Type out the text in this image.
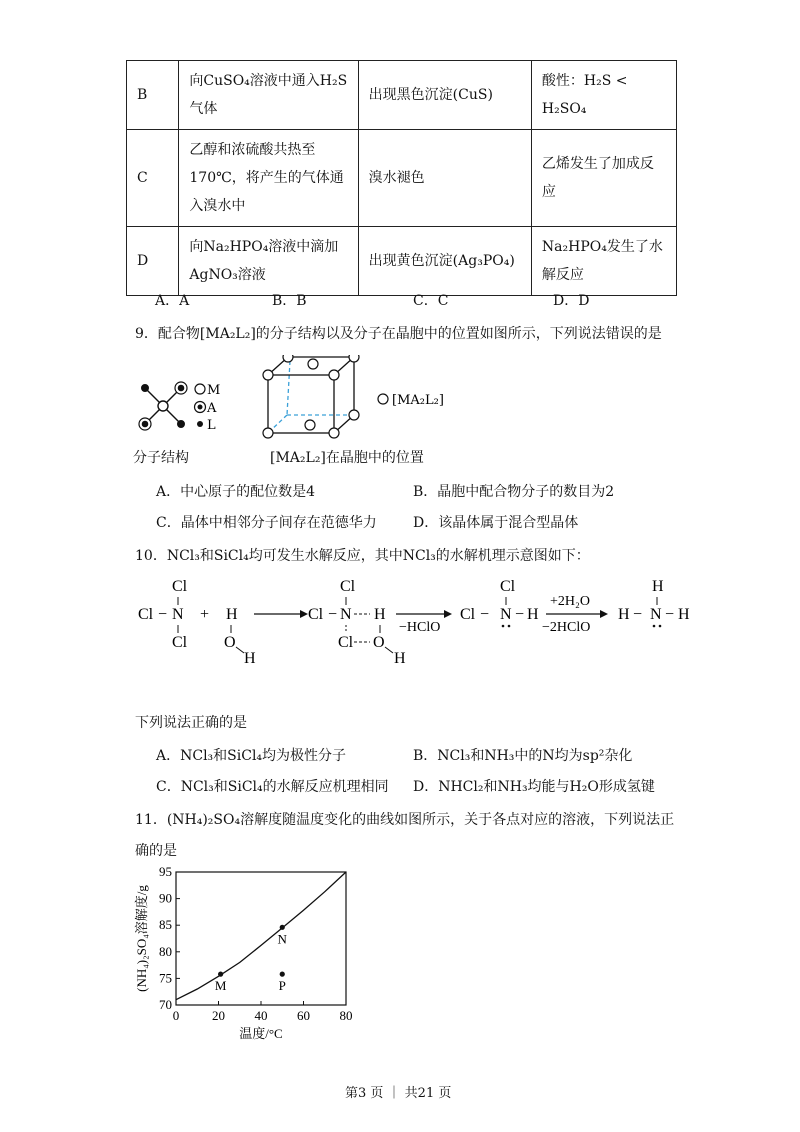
B	向CuSO₄溶液中通入H₂S气体	出现黑色沉淀(CuS)	酸性：H₂S < H₂SO₄
C	乙醇和浓硫酸共热至170℃，将产生的气体通入溴水中	溴水褪色	乙烯发生了加成反应
D	向Na₂HPO₄溶液中滴加AgNO₃溶液	出现黄色沉淀(Ag₃PO₄)	Na₂HPO₄发生了水解反应
A．A	B．B	C．C	D．D
9．配合物[MA₂L₂]的分子结构以及分子在晶胞中的位置如图所示，下列说法错误的是
M
A
L
[MA₂L₂]
分子结构	[MA₂L₂]在晶胞中的位置
A．中心原子的配位数是4	B．晶胞中配合物分子的数目为2
C．晶体中相邻分子间存在范德华力	D．该晶体属于混合型晶体
10．NCl₃和SiCl₄均可发生水解反应，其中NCl₃的水解机理示意图如下：
Cl
Cl − N
Cl
+ H
O
H
Cl
Cl − N H
Cl O
H
−HClO
Cl
Cl − N − H
+2H₂O
−2HClO
H
H − N − H
下列说法正确的是
A．NCl₃和SiCl₄均为极性分子	B．NCl₃和NH₃中的N均为sp²杂化
C．NCl₃和SiCl₄的水解反应机理相同 D．NHCl₂和NH₃均能与H₂O形成氢键
11．(NH₄)₂SO₄溶解度随温度变化的曲线如图所示，关于各点对应的溶液，下列说法正
确的是
0	20 40 60 80
70
75
80
85
90
95
M
N
P
温度/°C
(NH₄)₂SO₄溶解度/g
第3 页 ｜ 共21 页
